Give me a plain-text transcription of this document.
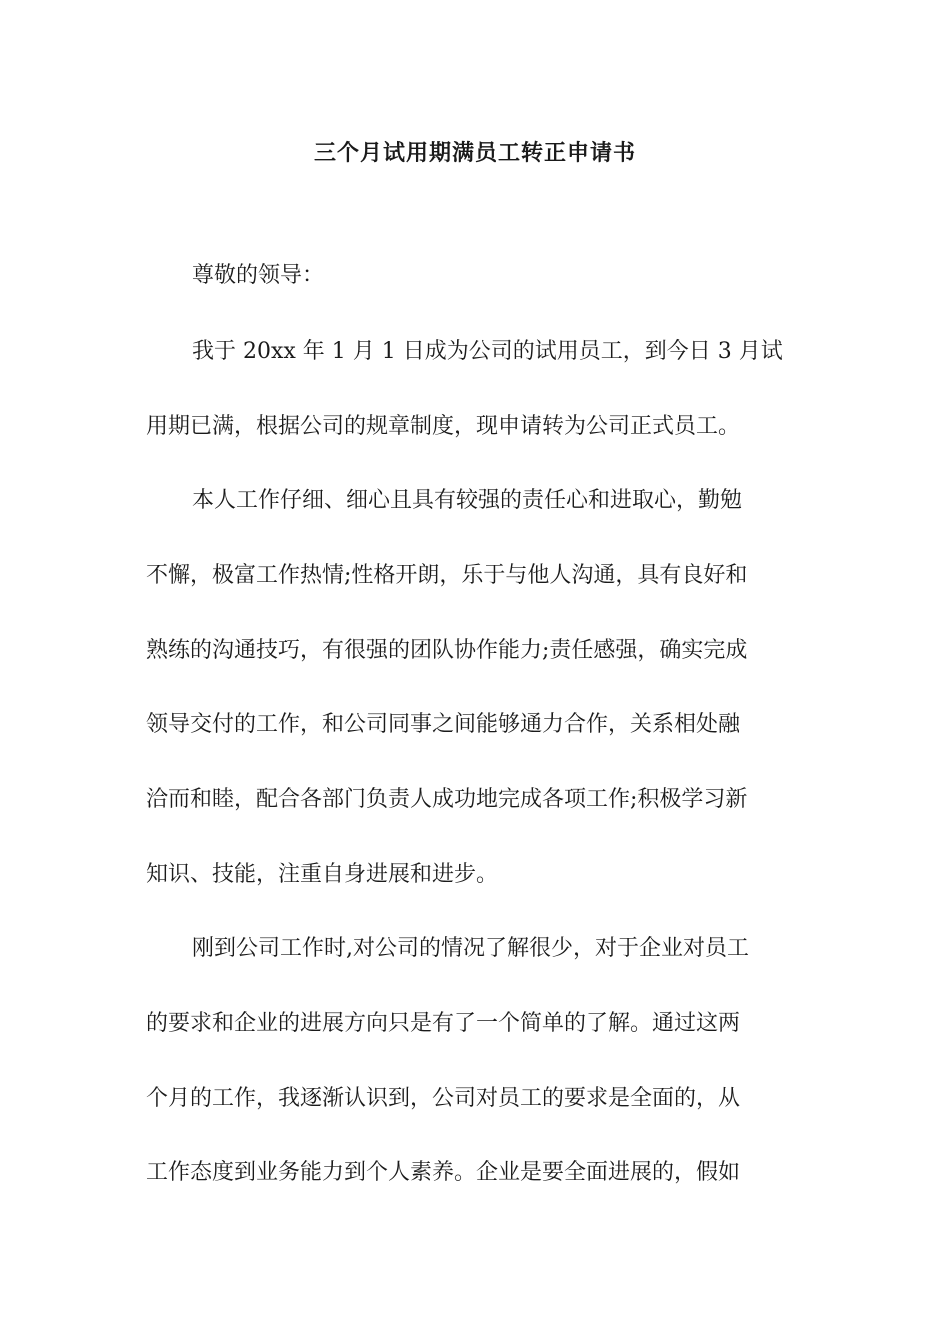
三个月试用期满员工转正申请书
尊敬的领导：
我于 20xx 年 1 月 1 日成为公司的试用员工，到今日 3 月试
用期已满，根据公司的规章制度，现申请转为公司正式员工。
本人工作仔细、细心且具有较强的责任心和进取心，勤勉
不懈，极富工作热情;性格开朗，乐于与他人沟通，具有良好和
熟练的沟通技巧，有很强的团队协作能力;责任感强，确实完成
领导交付的工作，和公司同事之间能够通力合作，关系相处融
洽而和睦，配合各部门负责人成功地完成各项工作;积极学习新
知识、技能，注重自身进展和进步。
刚到公司工作时,对公司的情况了解很少，对于企业对员工
的要求和企业的进展方向只是有了一个简单的了解。通过这两
个月的工作，我逐渐认识到，公司对员工的要求是全面的，从
工作态度到业务能力到个人素养。企业是要全面进展的，假如
